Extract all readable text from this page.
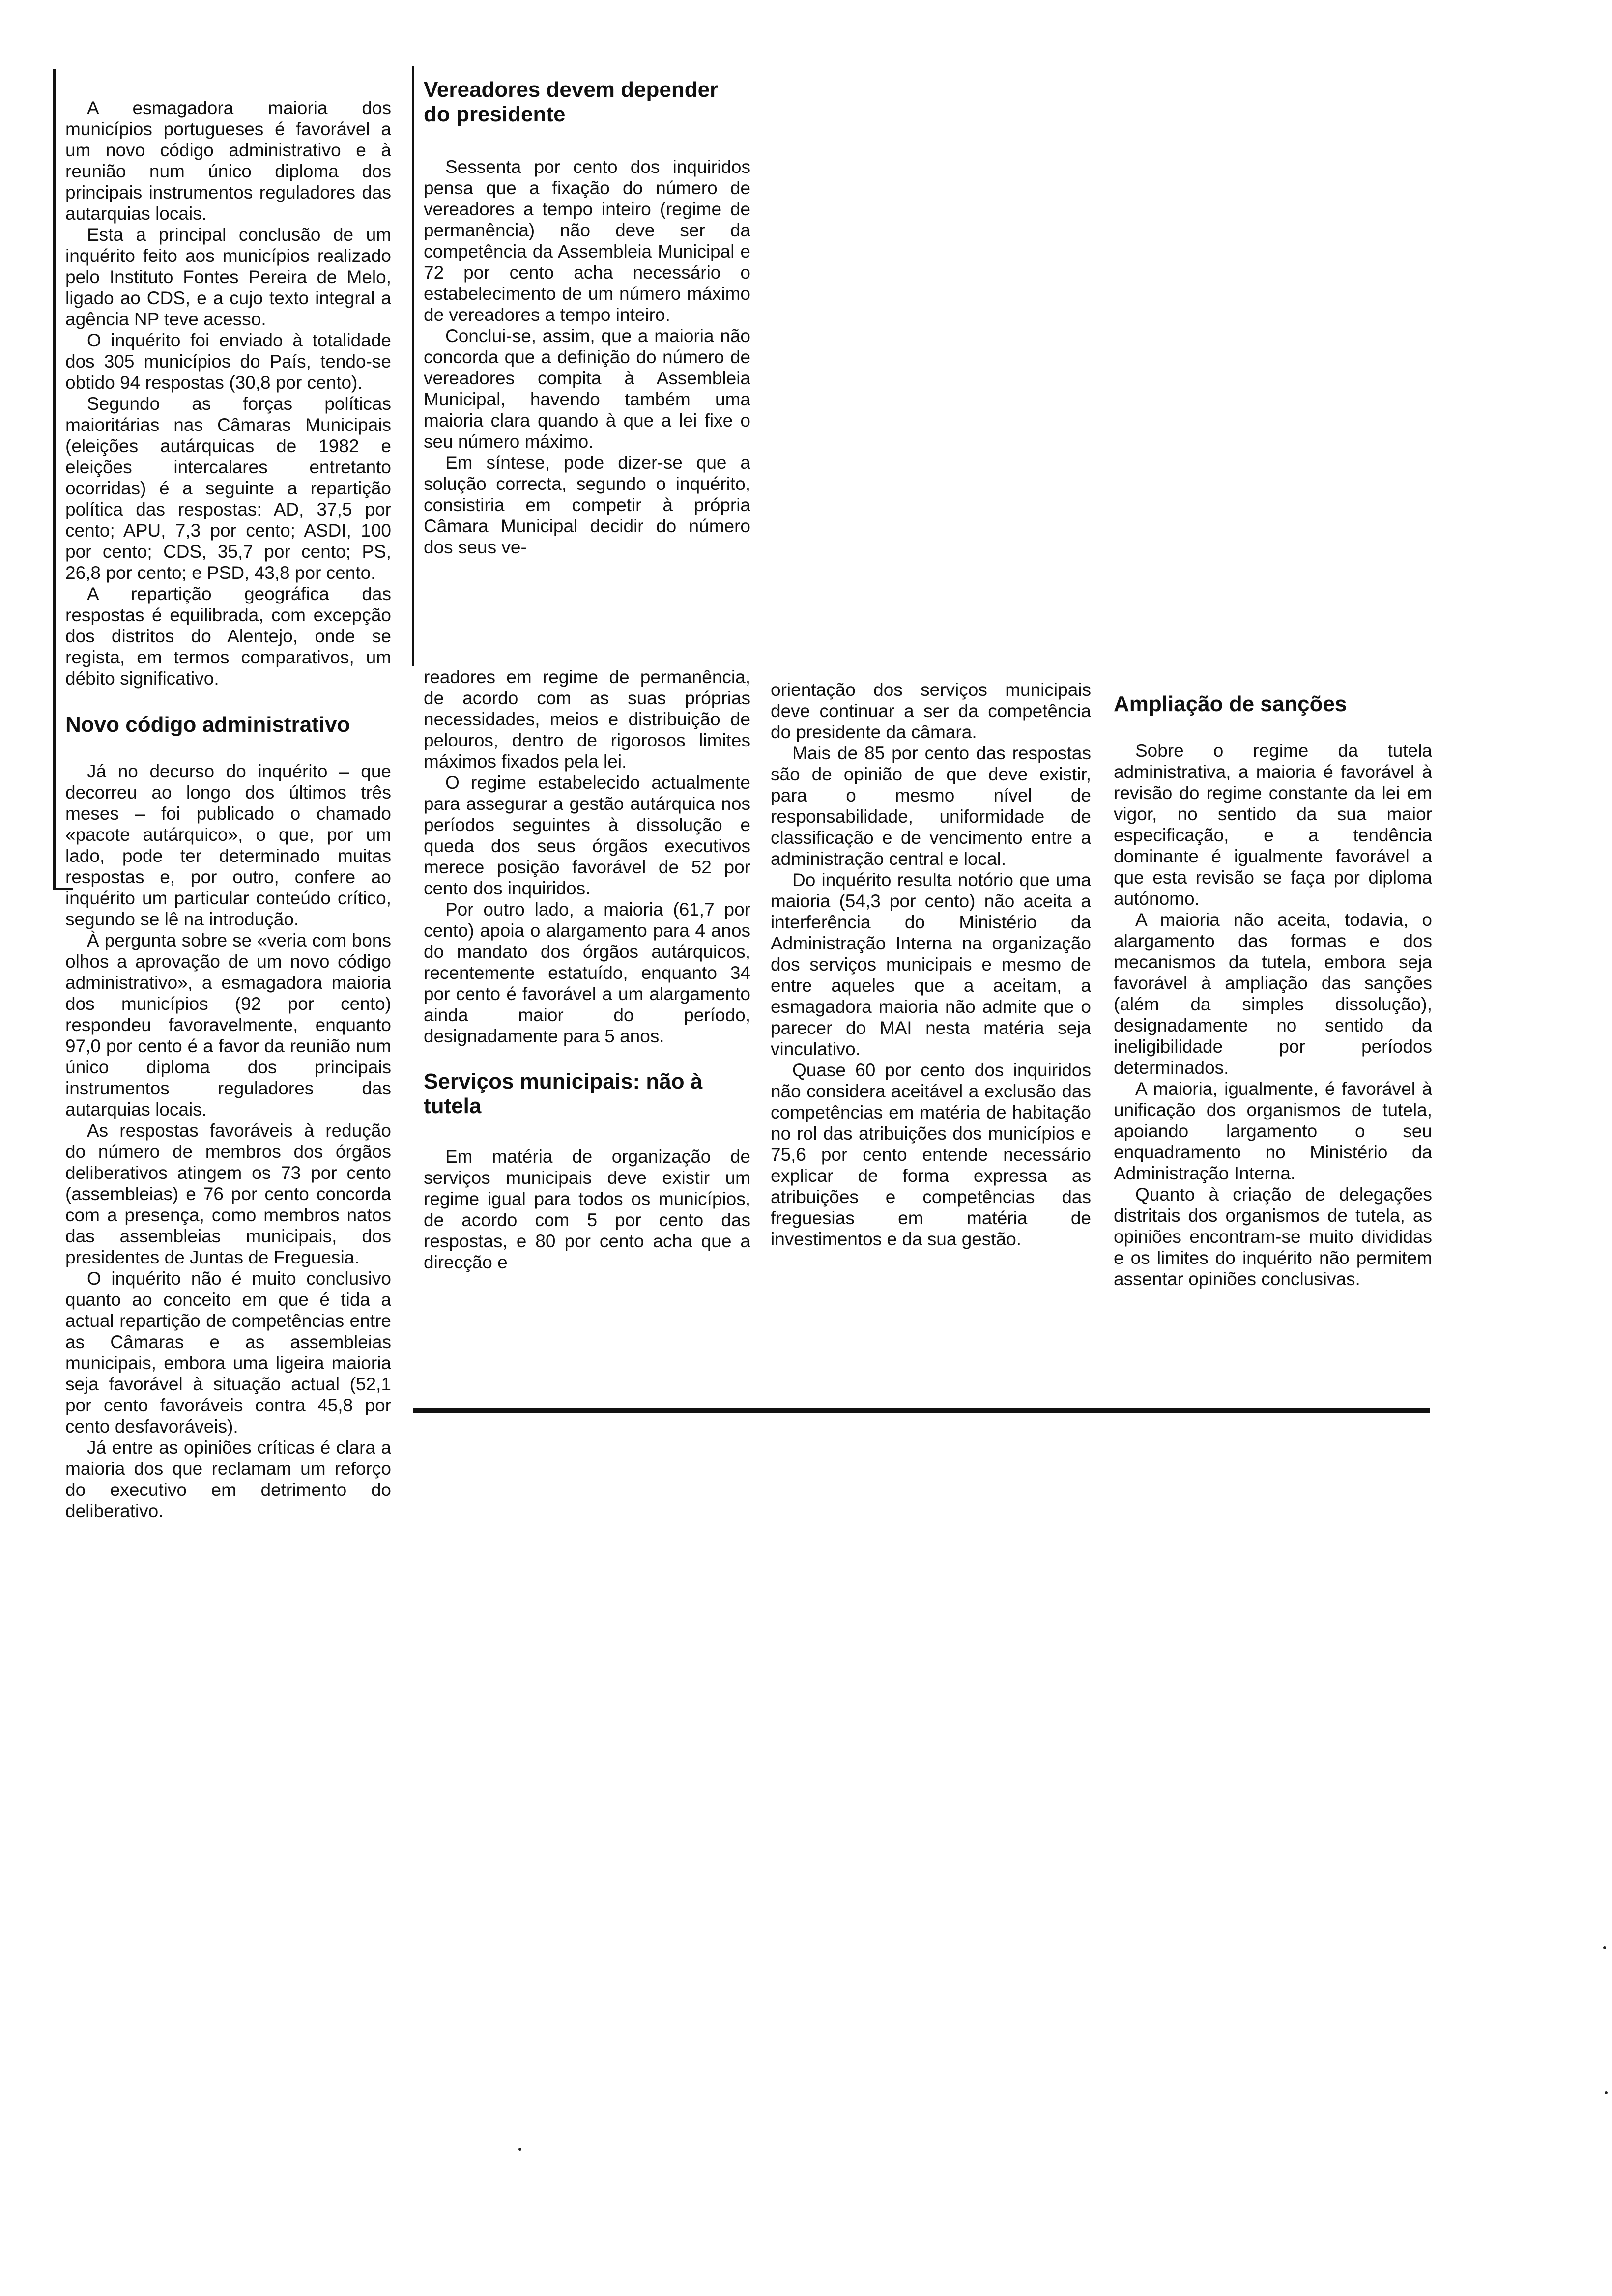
A esmagadora maioria dos municípios portugueses é favorável a um novo código administrativo e à reunião num único diploma dos principais instrumentos reguladores das autarquias locais.

Esta a principal conclusão de um inquérito feito aos municípios realizado pelo Instituto Fontes Pereira de Melo, ligado ao CDS, e a cujo texto integral a agência NP teve acesso.

O inquérito foi enviado à totalidade dos 305 municípios do País, tendo-se obtido 94 respostas (30,8 por cento).

Segundo as forças políticas maioritárias nas Câmaras Municipais (eleições autárquicas de 1982 e eleições intercalares entretanto ocorridas) é a seguinte a repartição política das respostas: AD, 37,5 por cento; APU, 7,3 por cento; ASDI, 100 por cento; CDS, 35,7 por cento; PS, 26,8 por cento; e PSD, 43,8 por cento.

A repartição geográfica das respostas é equilibrada, com excepção dos distritos do Alentejo, onde se regista, em termos comparativos, um débito significativo.

Novo código administrativo

Já no decurso do inquérito – que decorreu ao longo dos últimos três meses – foi publicado o chamado «pacote autárquico», o que, por um lado, pode ter determinado muitas respostas e, por outro, confere ao inquérito um particular conteúdo crítico, segundo se lê na introdução.

À pergunta sobre se «veria com bons olhos a aprovação de um novo código administrativo», a esmagadora maioria dos municípios (92 por cento) respondeu favoravelmente, enquanto 97,0 por cento é a favor da reunião num único diploma dos principais instrumentos reguladores das autarquias locais.

As respostas favoráveis à redução do número de membros dos órgãos deliberativos atingem os 73 por cento (assembleias) e 76 por cento concorda com a presença, como membros natos das assembleias municipais, dos presidentes de Juntas de Freguesia.

O inquérito não é muito conclusivo quanto ao conceito em que é tida a actual repartição de competências entre as Câmaras e as assembleias municipais, embora uma ligeira maioria seja favorável à situação actual (52,1 por cento favoráveis contra 45,8 por cento desfavoráveis).

Já entre as opiniões críticas é clara a maioria dos que reclamam um reforço do executivo em detrimento do deliberativo.

Vereadores devem depender do presidente

Sessenta por cento dos inquiridos pensa que a fixação do número de vereadores a tempo inteiro (regime de permanência) não deve ser da competência da Assembleia Municipal e 72 por cento acha necessário o estabelecimento de um número máximo de vereadores a tempo inteiro.

Conclui-se, assim, que a maioria não concorda que a definição do número de vereadores compita à Assembleia Municipal, havendo também uma maioria clara quando à que a lei fixe o seu número máximo.

Em síntese, pode dizer-se que a solução correcta, segundo o inquérito, consistiria em competir à própria Câmara Municipal decidir do número dos seus ve-

readores em regime de permanência, de acordo com as suas próprias necessidades, meios e distribuição de pelouros, dentro de rigorosos limites máximos fixados pela lei.

O regime estabelecido actualmente para assegurar a gestão autárquica nos períodos seguintes à dissolução e queda dos seus órgãos executivos merece posição favorável de 52 por cento dos inquiridos.

Por outro lado, a maioria (61,7 por cento) apoia o alargamento para 4 anos do mandato dos órgãos autárquicos, recentemente estatuído, enquanto 34 por cento é favorável a um alargamento ainda maior do período, designadamente para 5 anos.

Serviços municipais: não à tutela

Em matéria de organização de serviços municipais deve existir um regime igual para todos os municípios, de acordo com 5 por cento das respostas, e 80 por cento acha que a direcção e

orientação dos serviços municipais deve continuar a ser da competência do presidente da câmara.

Mais de 85 por cento das respostas são de opinião de que deve existir, para o mesmo nível de responsabilidade, uniformidade de classificação e de vencimento entre a administração central e local.

Do inquérito resulta notório que uma maioria (54,3 por cento) não aceita a interferência do Ministério da Administração Interna na organização dos serviços municipais e mesmo de entre aqueles que a aceitam, a esmagadora maioria não admite que o parecer do MAI nesta matéria seja vinculativo.

Quase 60 por cento dos inquiridos não considera aceitável a exclusão das competências em matéria de habitação no rol das atribuições dos municípios e 75,6 por cento entende necessário explicar de forma expressa as atribuições e competências das freguesias em matéria de investimentos e da sua gestão.

Ampliação de sanções

Sobre o regime da tutela administrativa, a maioria é favorável à revisão do regime constante da lei em vigor, no sentido da sua maior especificação, e a tendência dominante é igualmente favorável a que esta revisão se faça por diploma autónomo.

A maioria não aceita, todavia, o alargamento das formas e dos mecanismos da tutela, embora seja favorável à ampliação das sanções (além da simples dissolução), designadamente no sentido da ineligibilidade por períodos determinados.

A maioria, igualmente, é favorável à unificação dos organismos de tutela, apoiando largamento o seu enquadramento no Ministério da Administração Interna.

Quanto à criação de delegações distritais dos organismos de tutela, as opiniões encontram-se muito divididas e os limites do inquérito não permitem assentar opiniões conclusivas.
